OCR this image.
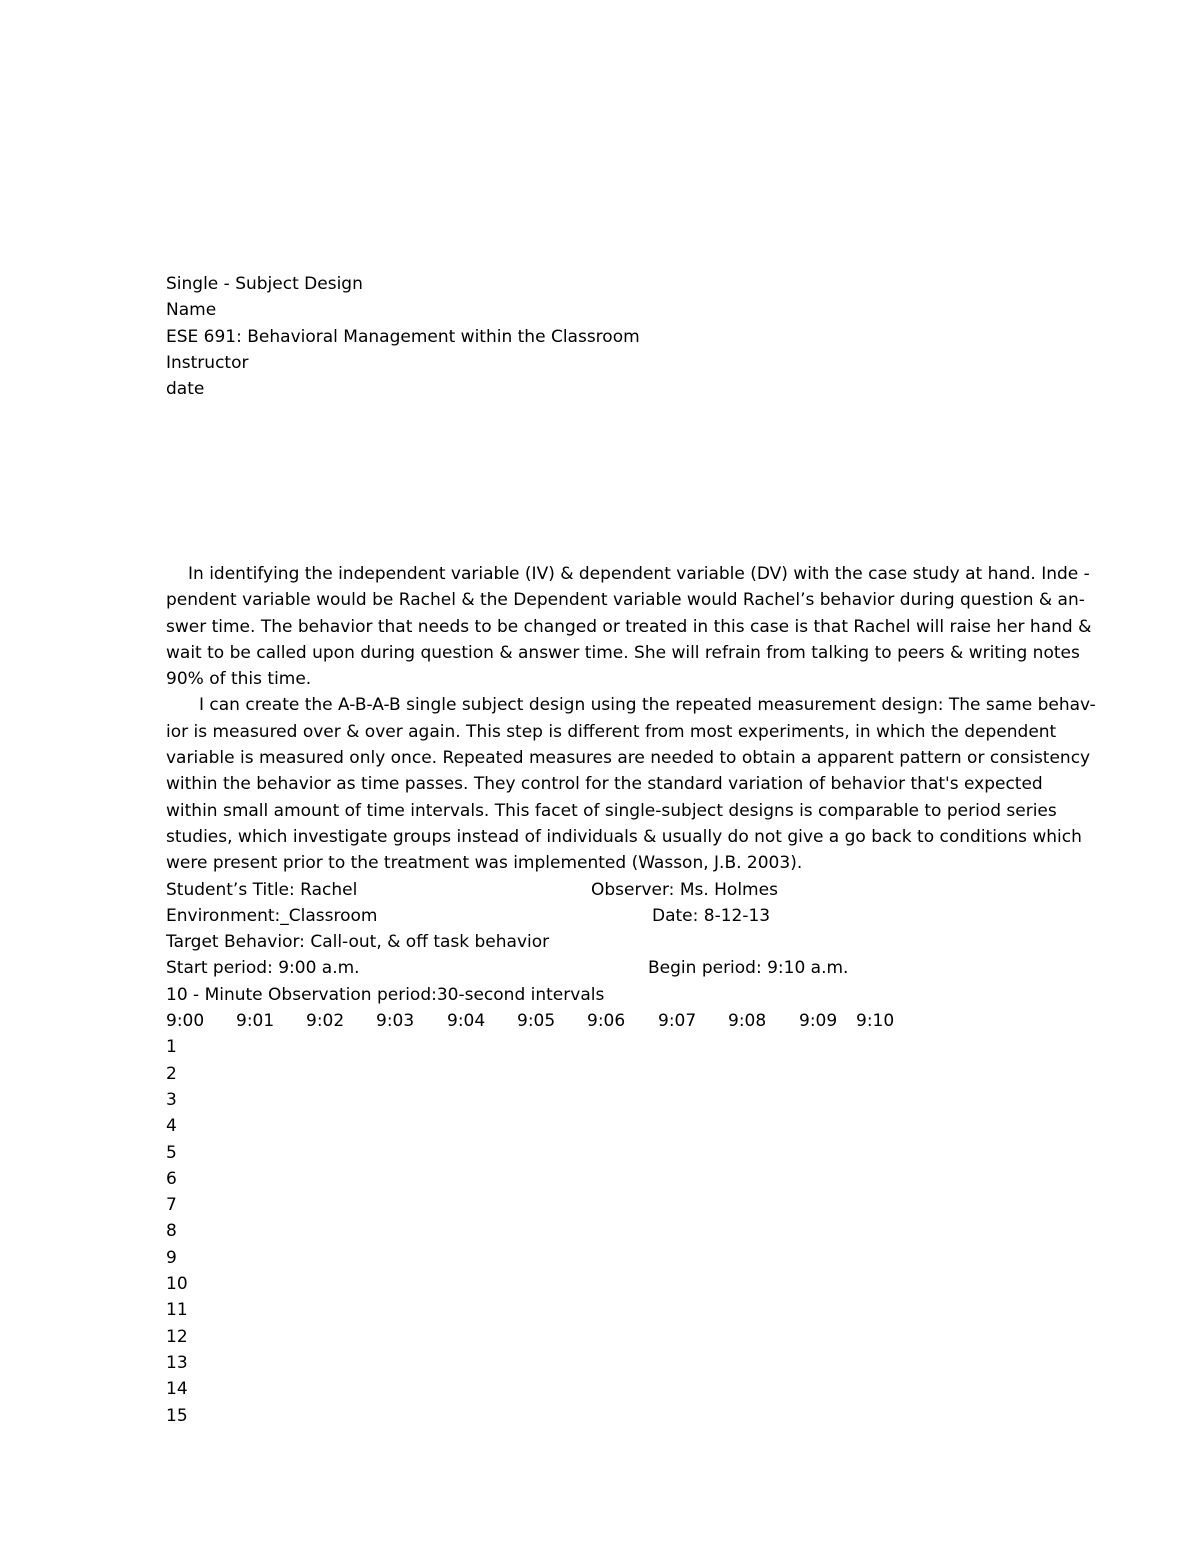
Single - Subject Design
Name
ESE 691: Behavioral Management within the Classroom
Instructor
date
In identifying the independent variable (IV) & dependent variable (DV) with the case study at hand. Inde -
pendent variable would be Rachel & the Dependent variable would Rachel’s behavior during question & an-
swer time. The behavior that needs to be changed or treated in this case is that Rachel will raise her hand &
wait to be called upon during question & answer time. She will refrain from talking to peers & writing notes
90% of this time.
I can create the A-B-A-B single subject design using the repeated measurement design: The same behav-
ior is measured over & over again. This step is different from most experiments, in which the dependent
variable is measured only once. Repeated measures are needed to obtain a apparent pattern or consistency
within the behavior as time passes. They control for the standard variation of behavior that's expected
within small amount of time intervals. This facet of single-subject designs is comparable to period series
studies, which investigate groups instead of individuals & usually do not give a go back to conditions which
were present prior to the treatment was implemented (Wasson, J.B. 2003).
Student’s Title: Rachel	Observer: Ms. Holmes
Environment:_Classroom	Date: 8-12-13
Target Behavior: Call-out, & off task behavior
Start period: 9:00 a.m.	Begin period: 9:10 a.m.
10 - Minute Observation period:30-second intervals
9:00	9:01	9:02	9:03	9:04	9:05	9:06	9:07	9:08	9:09	9:10
1
2
3
4
5
6
7
8
9
10
11
12
13
14
15
